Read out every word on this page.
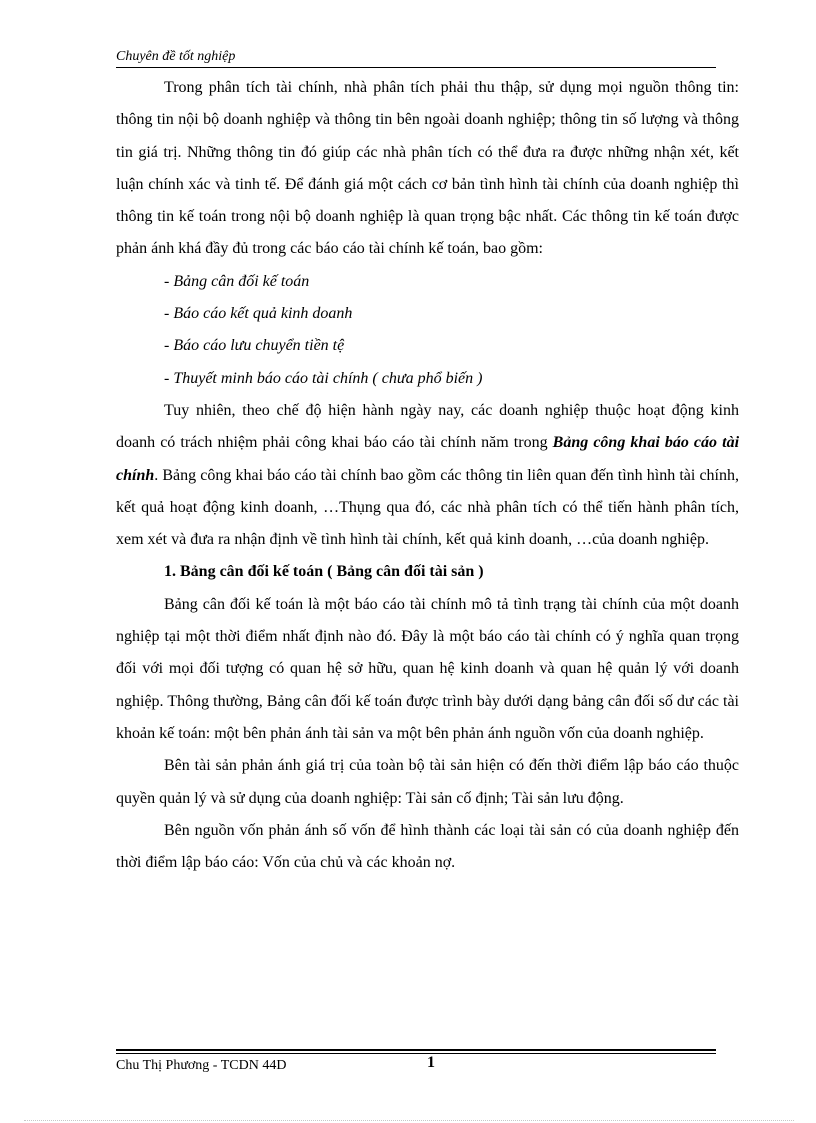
Chuyên đề tốt nghiệp

Trong phân tích tài chính, nhà phân tích phải thu thập, sử dụng mọi nguồn thông tin: thông tin nội bộ doanh nghiệp và thông tin bên ngoài doanh nghiệp; thông tin số lượng và thông tin giá trị. Những thông tin đó giúp các nhà phân tích có thể đưa ra được những nhận xét, kết luận chính xác và tinh tế. Để đánh giá một cách cơ bản tình hình tài chính của doanh nghiệp thì thông tin kế toán trong nội bộ doanh nghiệp là quan trọng bậc nhất. Các thông tin kế toán được phản ánh khá đầy đủ trong các báo cáo tài chính kế toán, bao gồm:

- Bảng cân đối kế toán
- Báo cáo kết quả kinh doanh
- Báo cáo lưu chuyển tiền tệ
- Thuyết minh báo cáo tài chính ( chưa phổ biến )

Tuy nhiên, theo chế độ hiện hành ngày nay, các doanh nghiệp thuộc hoạt động kinh doanh có trách nhiệm phải công khai báo cáo tài chính năm trong Bảng công khai báo cáo tài chính. Bảng công khai báo cáo tài chính bao gồm các thông tin liên quan đến tình hình tài chính, kết quả hoạt động kinh doanh, …Thụng qua đó, các nhà phân tích có thể tiến hành phân tích, xem xét và đưa ra nhận định về tình hình tài chính, kết quả kinh doanh, …của doanh nghiệp.

1. Bảng cân đối kế toán ( Bảng cân đối tài sản )

Bảng cân đối kế toán là một báo cáo tài chính mô tả tình trạng tài chính của một doanh nghiệp tại một thời điểm nhất định nào đó. Đây là một báo cáo tài chính có ý nghĩa quan trọng đối với mọi đối tượng có quan hệ sở hữu, quan hệ kinh doanh và quan hệ quản lý với doanh nghiệp. Thông thường, Bảng cân đối kế toán được trình bày dưới dạng bảng cân đối số dư các tài khoản kế toán: một bên phản ánh tài sản va một bên phản ánh nguồn vốn của doanh nghiệp.

Bên tài sản phản ánh giá trị của toàn bộ tài sản hiện có đến thời điểm lập báo cáo thuộc quyền quản lý và sử dụng của doanh nghiệp: Tài sản cố định; Tài sản lưu động.

Bên nguồn vốn phản ánh số vốn để hình thành các loại tài sản có của doanh nghiệp đến thời điểm lập báo cáo: Vốn của chủ và các khoản nợ.

Chu Thị Phương - TCDN 44D	1
